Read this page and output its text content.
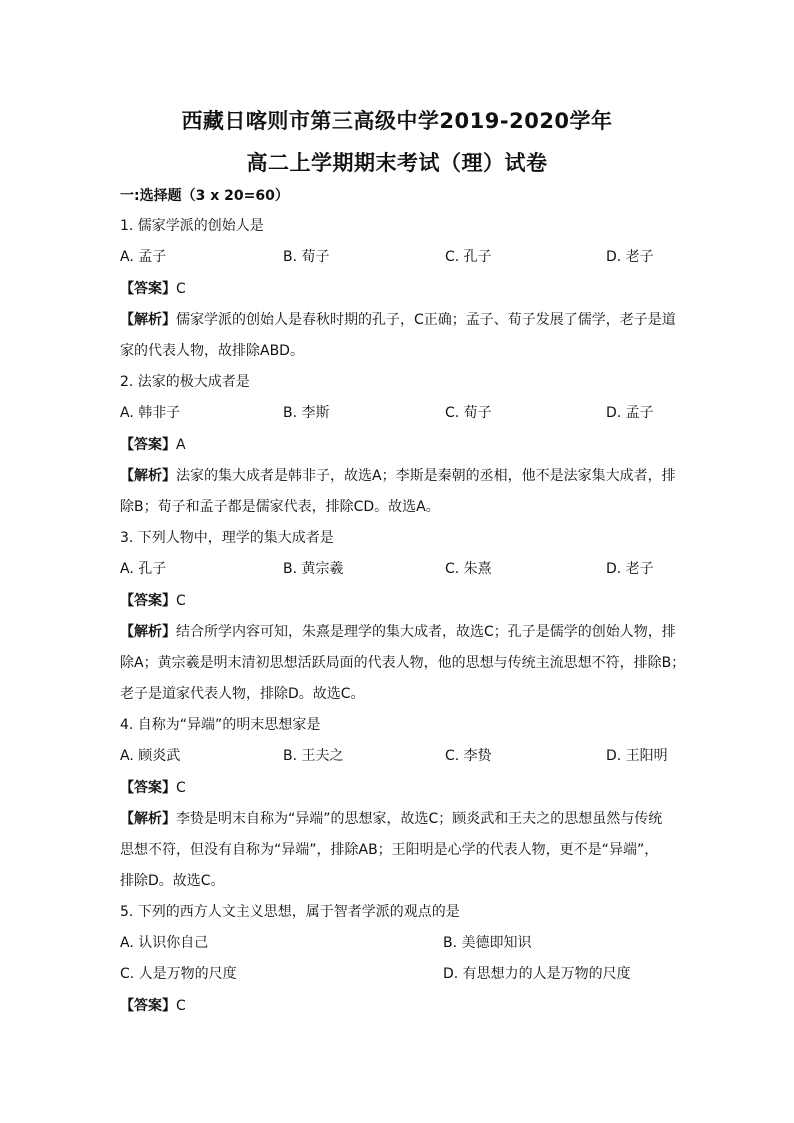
西藏日喀则市第三高级中学2019-2020学年
高二上学期期末考试（理）试卷
一:选择题（3 x 20=60）
1. 儒家学派的创始人是
A. 孟子	B. 荀子	C. 孔子	D. 老子
【答案】C
【解析】儒家学派的创始人是春秋时期的孔子，C正确；孟子、荀子发展了儒学，老子是道
家的代表人物，故排除ABD。
2. 法家的极大成者是
A. 韩非子	B. 李斯	C. 荀子	D. 孟子
【答案】A
【解析】法家的集大成者是韩非子，故选A；李斯是秦朝的丞相，他不是法家集大成者，排
除B；荀子和孟子都是儒家代表，排除CD。故选A。
3. 下列人物中，理学的集大成者是
A. 孔子	B. 黄宗羲	C. 朱熹	D. 老子
【答案】C
【解析】结合所学内容可知，朱熹是理学的集大成者，故选C；孔子是儒学的创始人物，排
除A；黄宗羲是明末清初思想活跃局面的代表人物，他的思想与传统主流思想不符，排除B；
老子是道家代表人物，排除D。故选C。
4. 自称为“异端”的明末思想家是
A. 顾炎武	B. 王夫之	C. 李贽	D. 王阳明
【答案】C
【解析】李贽是明末自称为“异端”的思想家，故选C；顾炎武和王夫之的思想虽然与传统
思想不符，但没有自称为“异端”，排除AB；王阳明是心学的代表人物，更不是“异端”，
排除D。故选C。
5. 下列的西方人文主义思想，属于智者学派的观点的是
A. 认识你自己	B. 美德即知识
C. 人是万物的尺度	D. 有思想力的人是万物的尺度
【答案】C
